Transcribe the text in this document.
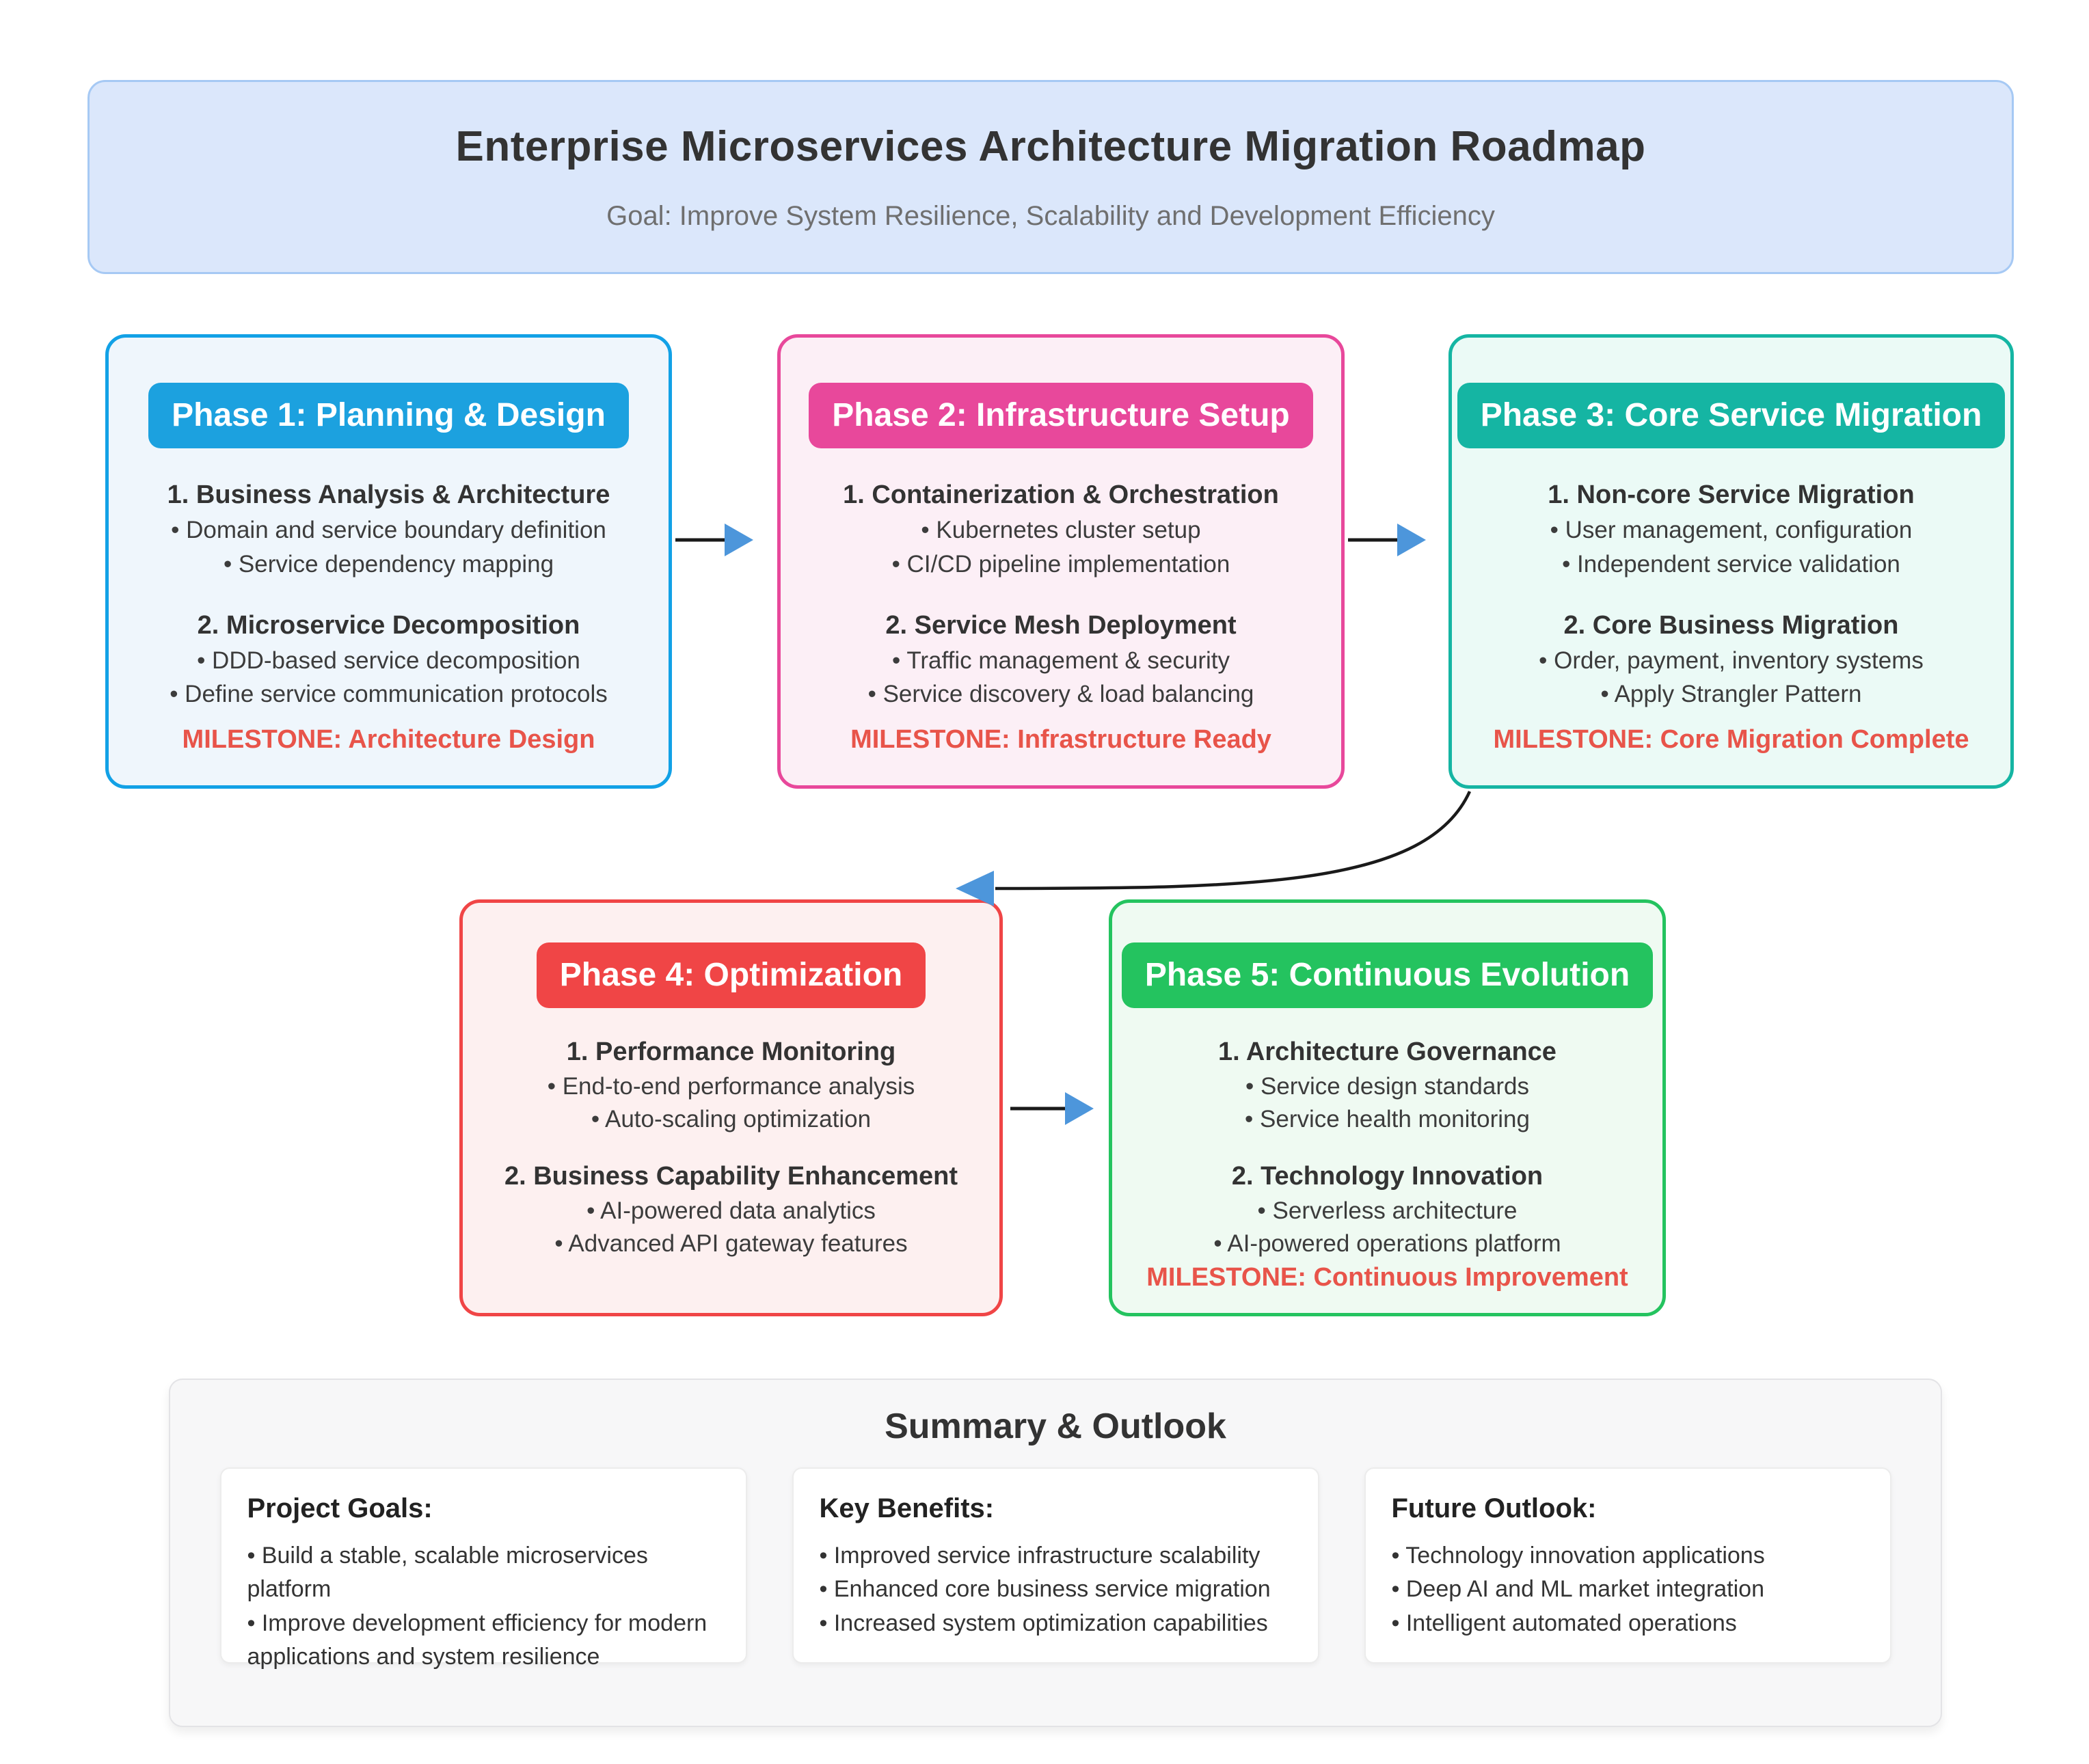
Enterprise Microservices Architecture Migration Roadmap
Goal: Improve System Resilience, Scalability and Development Efficiency
Phase 1: Planning & Design
1. Business Analysis & Architecture
• Domain and service boundary definition
• Service dependency mapping
2. Microservice Decomposition
• DDD-based service decomposition
• Define service communication protocols
MILESTONE: Architecture Design
Phase 2: Infrastructure Setup
1. Containerization & Orchestration
• Kubernetes cluster setup
• CI/CD pipeline implementation
2. Service Mesh Deployment
• Traffic management & security
• Service discovery & load balancing
MILESTONE: Infrastructure Ready
Phase 3: Core Service Migration
1. Non-core Service Migration
• User management, configuration
• Independent service validation
2. Core Business Migration
• Order, payment, inventory systems
• Apply Strangler Pattern
MILESTONE: Core Migration Complete
Phase 4: Optimization
1. Performance Monitoring
• End-to-end performance analysis
• Auto-scaling optimization
2. Business Capability Enhancement
• AI-powered data analytics
• Advanced API gateway features
Phase 5: Continuous Evolution
1. Architecture Governance
• Service design standards
• Service health monitoring
2. Technology Innovation
• Serverless architecture
• AI-powered operations platform
MILESTONE: Continuous Improvement
Summary & Outlook
Project Goals:
• Build a stable, scalable microservices platform
• Improve development efficiency for modern applications and system resilience
Key Benefits:
• Improved service infrastructure scalability
• Enhanced core business service migration
• Increased system optimization capabilities
Future Outlook:
• Technology innovation applications
• Deep AI and ML market integration
• Intelligent automated operations
